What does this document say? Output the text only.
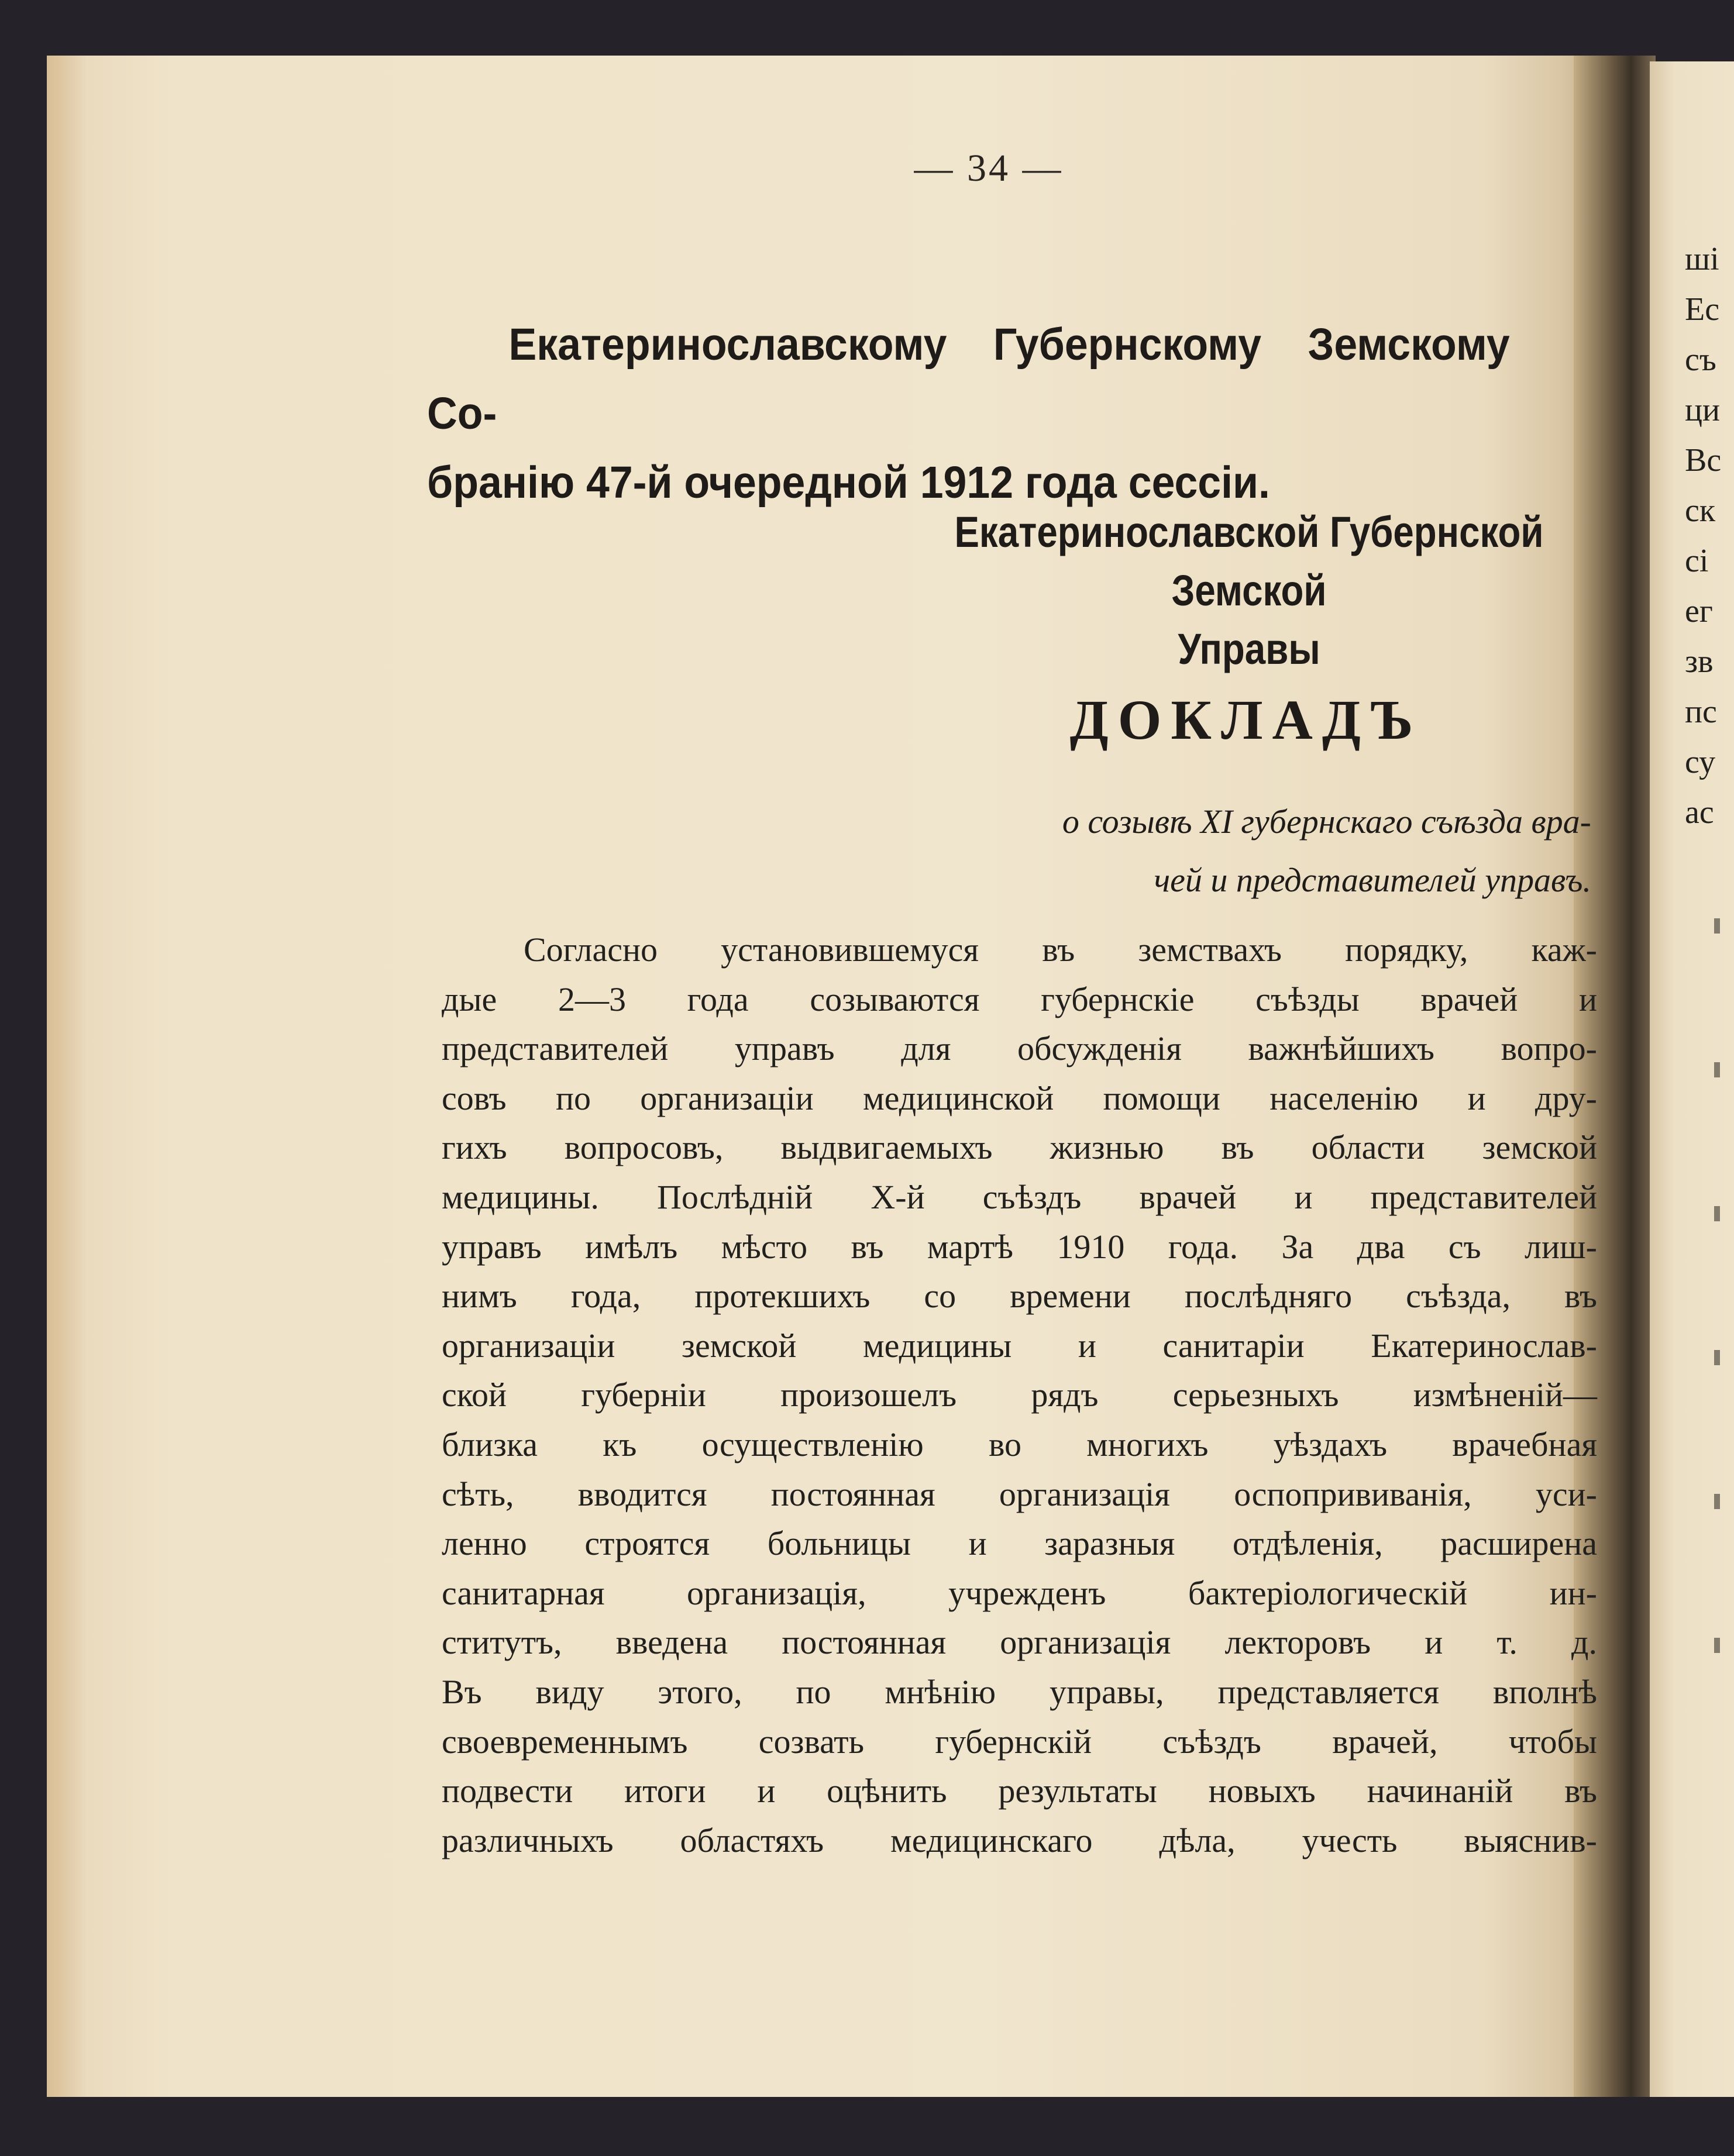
— 34 —
Екатеринославскому Губернскому Земскому Со-
бранію 47-й очередной 1912 года сессіи.
Екатеринославской Губернской Земской
Управы
ДОКЛАДЪ
о созывѣ XI губернскаго съѣзда вра-
чей и представителей управъ.
Согласно установившемуся въ земствахъ порядку, каж-
дые 2—3 года созываются губернскіе съѣзды врачей и
представителей управъ для обсужденія важнѣйшихъ вопро-
совъ по организаціи медицинской помощи населенію и дру-
гихъ вопросовъ, выдвигаемыхъ жизнью въ области земской
медицины. Послѣдній X-й съѣздъ врачей и представителей
управъ имѣлъ мѣсто въ мартѣ 1910 года. За два съ лиш-
нимъ года, протекшихъ со времени послѣдняго съѣзда, въ
организаціи земской медицины и санитаріи Екатеринослав-
ской губерніи произошелъ рядъ серьезныхъ измѣненій—
близка къ осуществленію во многихъ уѣздахъ врачебная
сѣть, вводится постоянная организація оспопрививанія, уси-
ленно строятся больницы и заразныя отдѣленія, расширена
санитарная организація, учрежденъ бактеріологическій ин-
ститутъ, введена постоянная организація лекторовъ и т. д.
Въ виду этого, по мнѣнію управы, представляется вполнѣ
своевременнымъ созвать губернскій съѣздъ врачей, чтобы
подвести итоги и оцѣнить результаты новыхъ начинаній въ
различныхъ областяхъ медицинскаго дѣла, учесть выяснив-
ші
Ес
съ
ци
Вс
ск
сі
ег
зв
пс
су
ас
